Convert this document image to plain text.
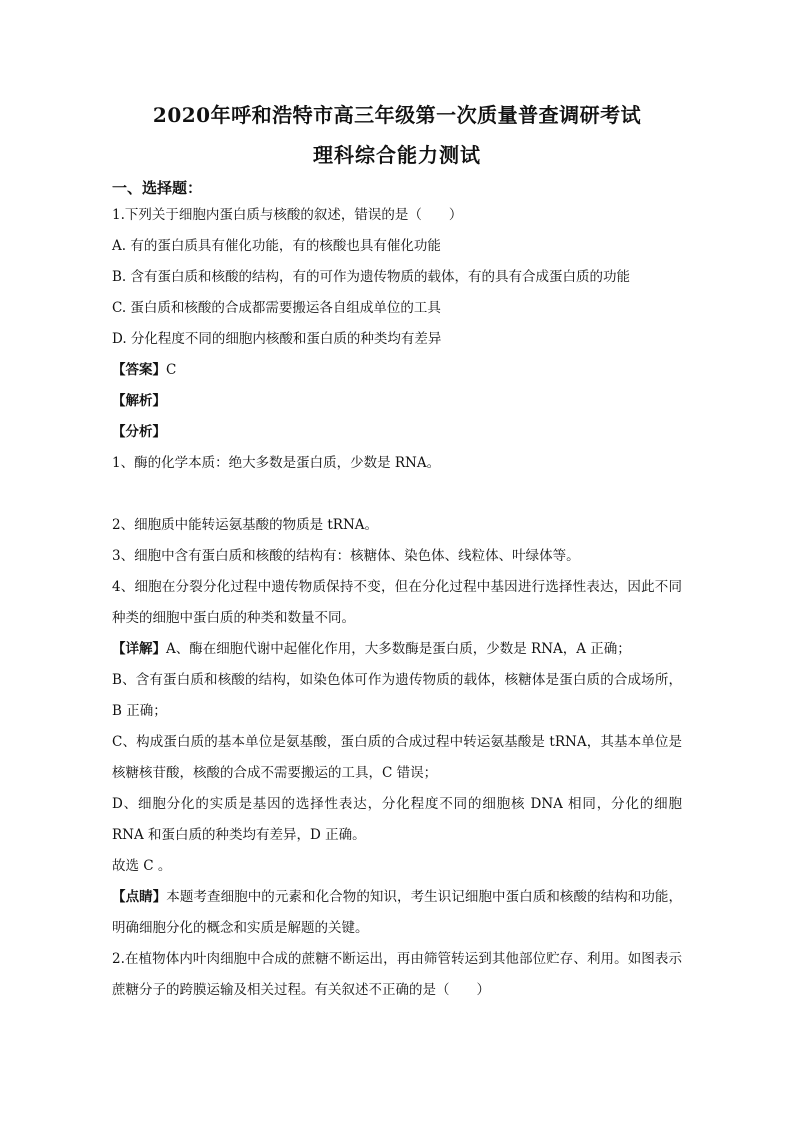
2020年呼和浩特市高三年级第一次质量普查调研考试
理科综合能力测试

一、选择题：

1.下列关于细胞内蛋白质与核酸的叙述，错误的是（　　）

A. 有的蛋白质具有催化功能，有的核酸也具有催化功能

B. 含有蛋白质和核酸的结构，有的可作为遗传物质的载体，有的具有合成蛋白质的功能

C. 蛋白质和核酸的合成都需要搬运各自组成单位的工具

D. 分化程度不同的细胞内核酸和蛋白质的种类均有差异

【答案】C

【解析】

【分析】

1、酶的化学本质：绝大多数是蛋白质，少数是 RNA。

2、细胞质中能转运氨基酸的物质是 tRNA。

3、细胞中含有蛋白质和核酸的结构有：核糖体、染色体、线粒体、叶绿体等。

4、细胞在分裂分化过程中遗传物质保持不变，但在分化过程中基因进行选择性表达，因此不同种类的细胞中蛋白质的种类和数量不同。

【详解】A、酶在细胞代谢中起催化作用，大多数酶是蛋白质，少数是 RNA，A 正确；

B、含有蛋白质和核酸的结构，如染色体可作为遗传物质的载体，核糖体是蛋白质的合成场所，B 正确；

C、构成蛋白质的基本单位是氨基酸，蛋白质的合成过程中转运氨基酸是 tRNA，其基本单位是核糖核苷酸，核酸的合成不需要搬运的工具，C 错误；

D、细胞分化的实质是基因的选择性表达，分化程度不同的细胞核 DNA 相同，分化的细胞 RNA 和蛋白质的种类均有差异，D 正确。

故选 C 。

【点睛】本题考查细胞中的元素和化合物的知识，考生识记细胞中蛋白质和核酸的结构和功能，明确细胞分化的概念和实质是解题的关键。

2.在植物体内叶肉细胞中合成的蔗糖不断运出，再由筛管转运到其他部位贮存、利用。如图表示蔗糖分子的跨膜运输及相关过程。有关叙述不正确的是（　　）
